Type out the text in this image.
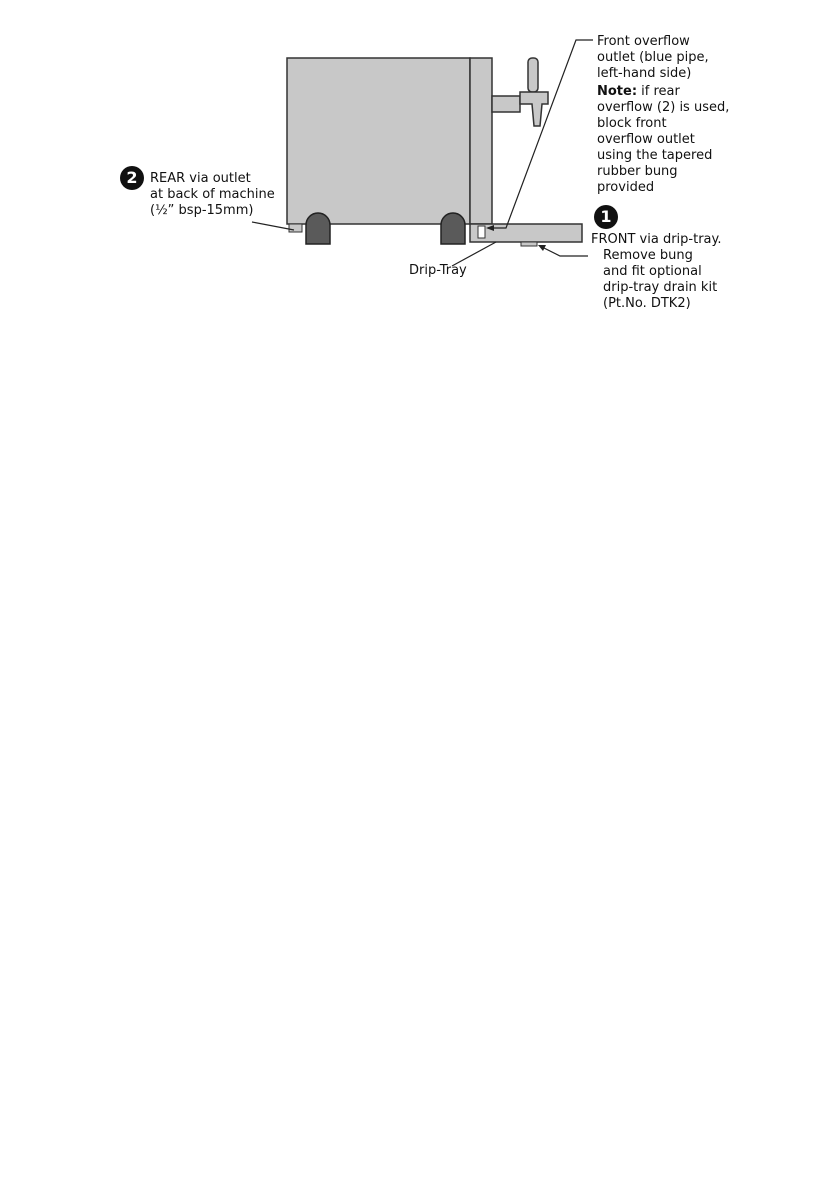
Front overflow
outlet (blue pipe,
left-hand side)
Note: if rear
overflow (2) is used,
block front
overflow outlet
using the tapered
rubber bung
provided
2 REAR via outlet
at back of machine
(½” bsp-15mm)	1
FRONT via drip-tray.
Remove bung
and fit optional
drip-tray drain kit
(Pt.No. DTK2)
Drip-Tray
